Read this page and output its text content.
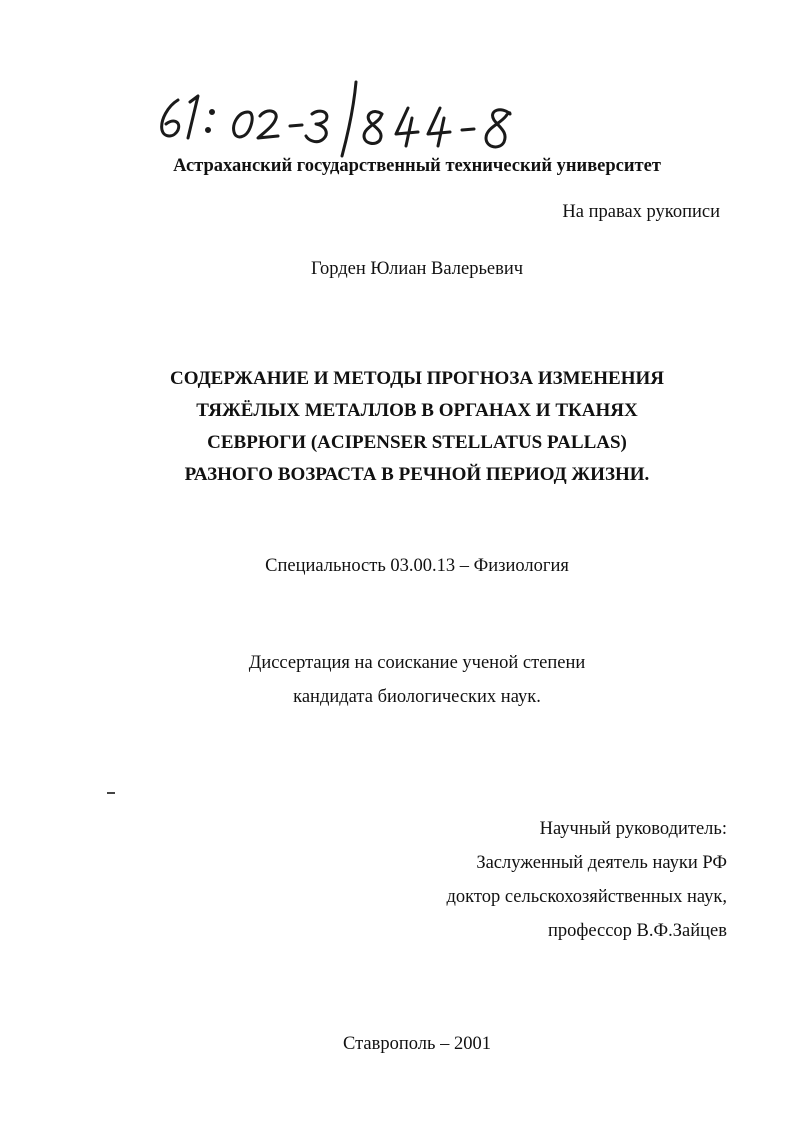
Астраханский государственный технический университет
На правах рукописи
Горден Юлиан Валерьевич
СОДЕРЖАНИЕ И МЕТОДЫ ПРОГНОЗА ИЗМЕНЕНИЯ
ТЯЖЁЛЫХ МЕТАЛЛОВ В ОРГАНАХ И ТКАНЯХ
СЕВРЮГИ (ACIPENSER STELLATUS PALLAS)
РАЗНОГО ВОЗРАСТА В РЕЧНОЙ ПЕРИОД ЖИЗНИ.
Специальность 03.00.13 – Физиология
Диссертация на соискание ученой степени
кандидата биологических наук.
Научный руководитель:
Заслуженный деятель науки РФ
доктор сельскохозяйственных наук,
профессор В.Ф.Зайцев
Ставрополь – 2001
